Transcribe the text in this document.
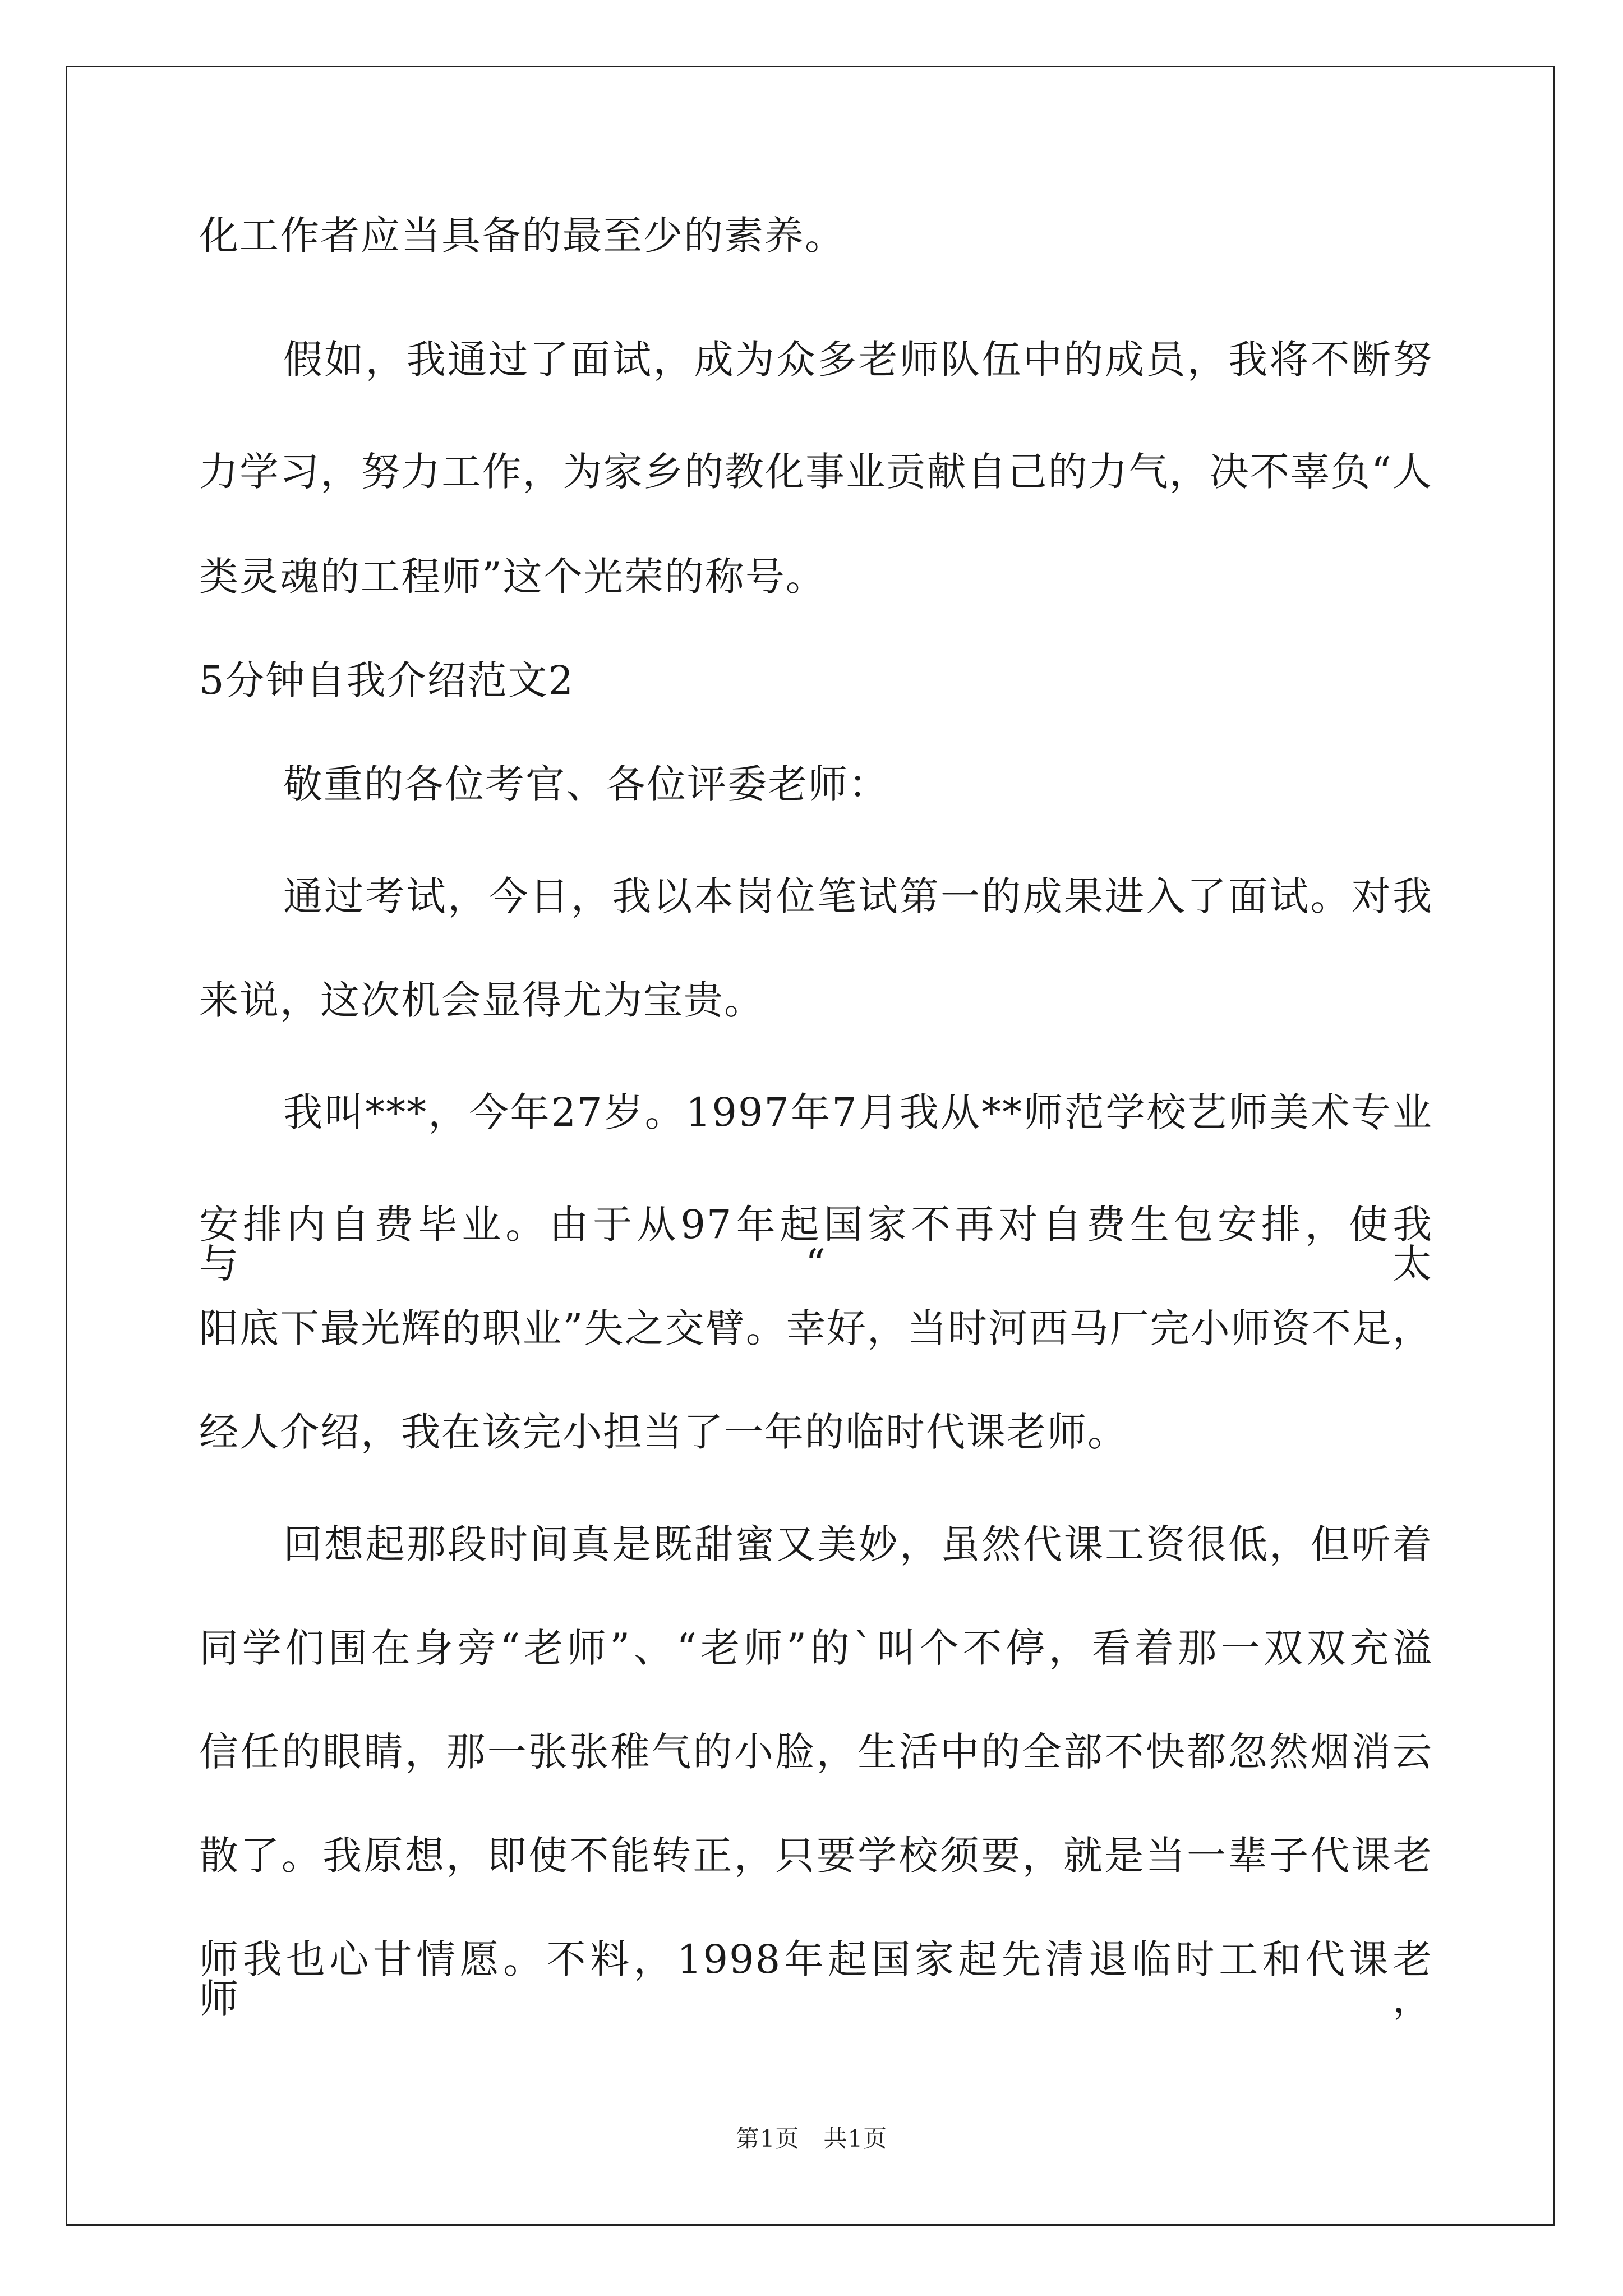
化工作者应当具备的最至少的素养。
假如，我通过了面试，成为众多老师队伍中的成员，我将不断努
力学习，努力工作，为家乡的教化事业贡献自己的力气，决不辜负“人
类灵魂的工程师”这个光荣的称号。
5分钟自我介绍范文2
敬重的各位考官、各位评委老师：
通过考试，今日，我以本岗位笔试第一的成果进入了面试。对我
来说，这次机会显得尤为宝贵。
我叫***，今年27岁。1997年7月我从**师范学校艺师美术专业
安排内自费毕业。由于从97年起国家不再对自费生包安排，使我与“太
阳底下最光辉的职业”失之交臂。幸好，当时河西马厂完小师资不足，
经人介绍，我在该完小担当了一年的临时代课老师。
回想起那段时间真是既甜蜜又美妙，虽然代课工资很低，但听着
同学们围在身旁“老师”、“老师”的`叫个不停，看着那一双双充溢
信任的眼睛，那一张张稚气的小脸，生活中的全部不快都忽然烟消云
散了。我原想，即使不能转正，只要学校须要，就是当一辈子代课老
师我也心甘情愿。不料，1998年起国家起先清退临时工和代课老师，
第1页　共1页
